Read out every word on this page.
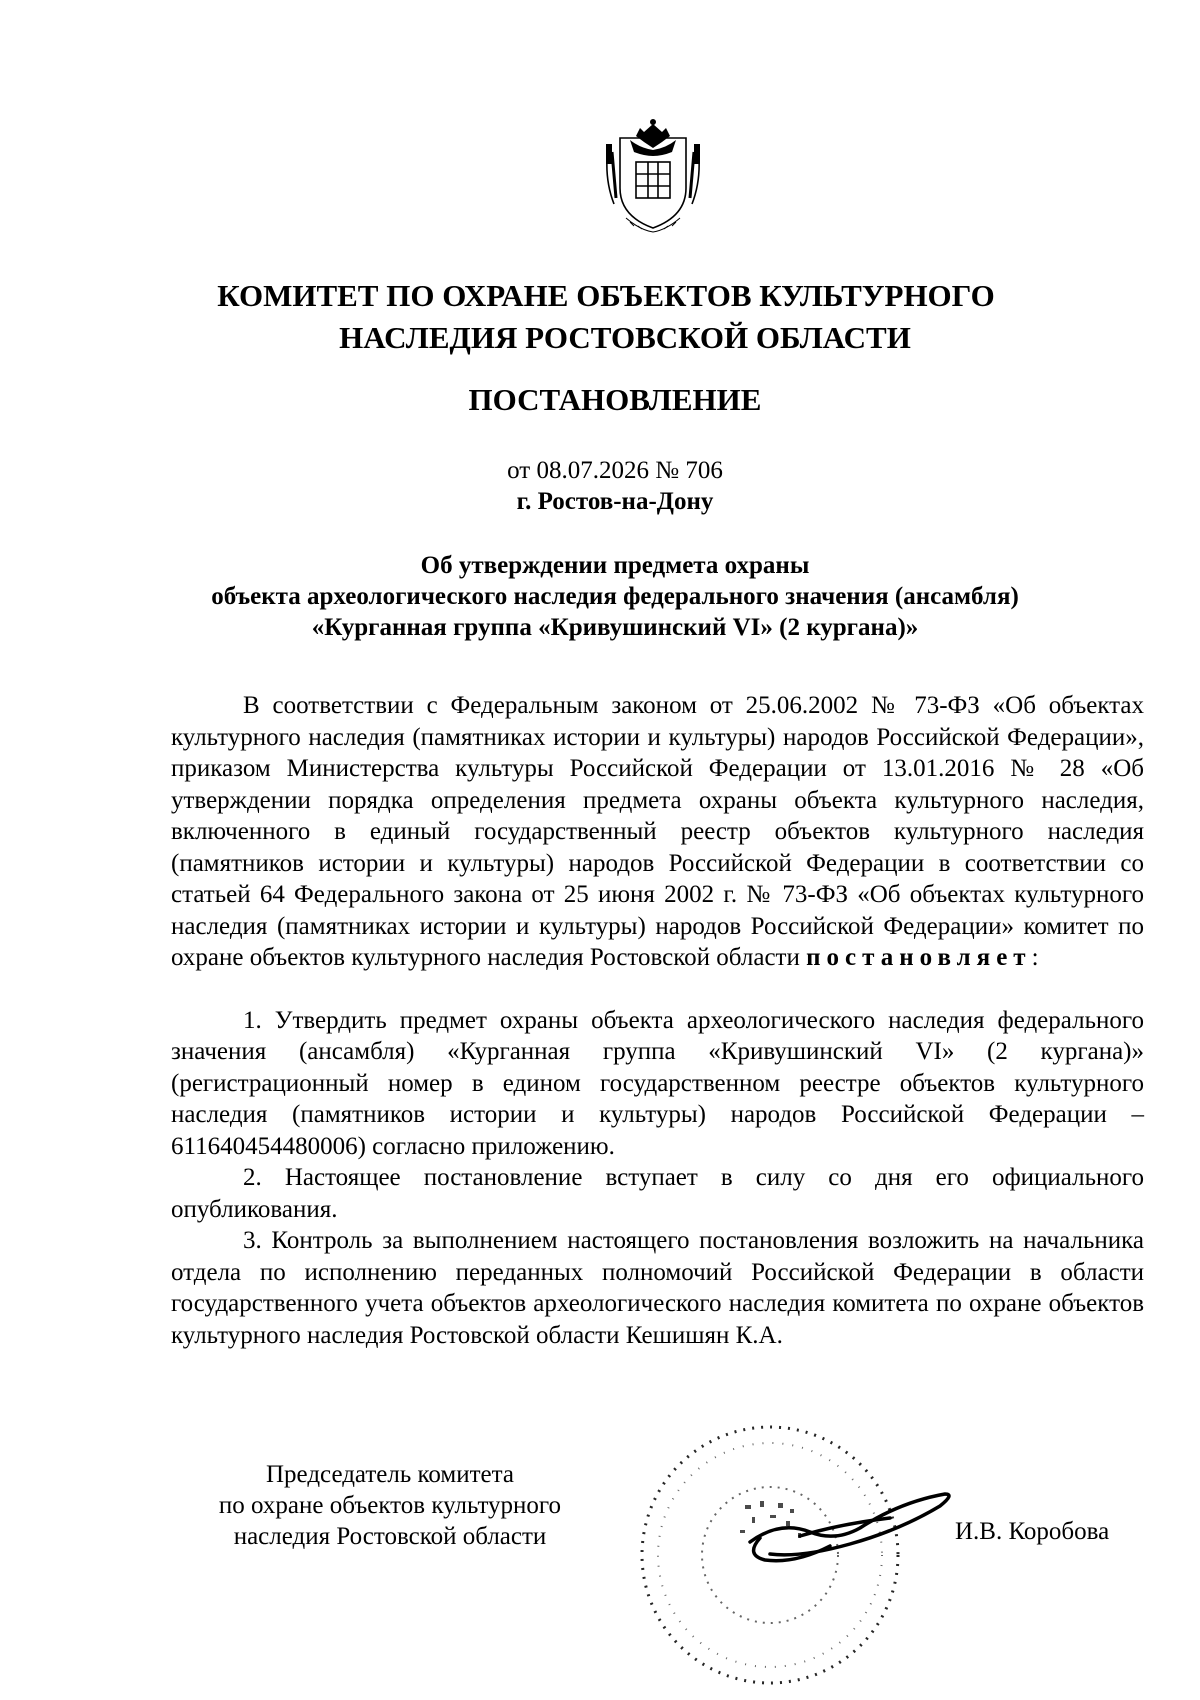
КОМИТЕТ ПО ОХРАНЕ ОБЪЕКТОВ КУЛЬТУРНОГО
НАСЛЕДИЯ РОСТОВСКОЙ ОБЛАСТИ
ПОСТАНОВЛЕНИЕ
от 08.07.2026 № 706
г. Ростов-на-Дону
Об утверждении предмета охраны
объекта археологического наследия федерального значения (ансамбля)
«Курганная группа «Кривушинский VI» (2 кургана)»

В соответствии с Федеральным законом от 25.06.2002 № 73-ФЗ «Об объектах культурного наследия (памятниках истории и культуры) народов Российской Федерации», приказом Министерства культуры Российской Федерации от 13.01.2016 № 28 «Об утверждении порядка определения предмета охраны объекта культурного наследия, включенного в единый государственный реестр объектов культурного наследия (памятников истории и культуры) народов Российской Федерации в соответствии со статьей 64 Федерального закона от 25 июня 2002 г. № 73-ФЗ «Об объектах культурного наследия (памятниках истории и культуры) народов Российской Федерации» комитет по охране объектов культурного наследия Ростовской области постановляет:

1. Утвердить предмет охраны объекта археологического наследия федерального значения (ансамбля) «Курганная группа «Кривушинский VI» (2 кургана)» (регистрационный номер в едином государственном реестре объектов культурного наследия (памятников истории и культуры) народов Российской Федерации – 611640454480006) согласно приложению.

2. Настоящее постановление вступает в силу со дня его официального опубликования.

3. Контроль за выполнением настоящего постановления возложить на начальника отдела по исполнению переданных полномочий Российской Федерации в области государственного учета объектов археологического наследия комитета по охране объектов культурного наследия Ростовской области Кешишян К.А.

Председатель комитета
по охране объектов культурного
наследия Ростовской области	И.В. Коробова
